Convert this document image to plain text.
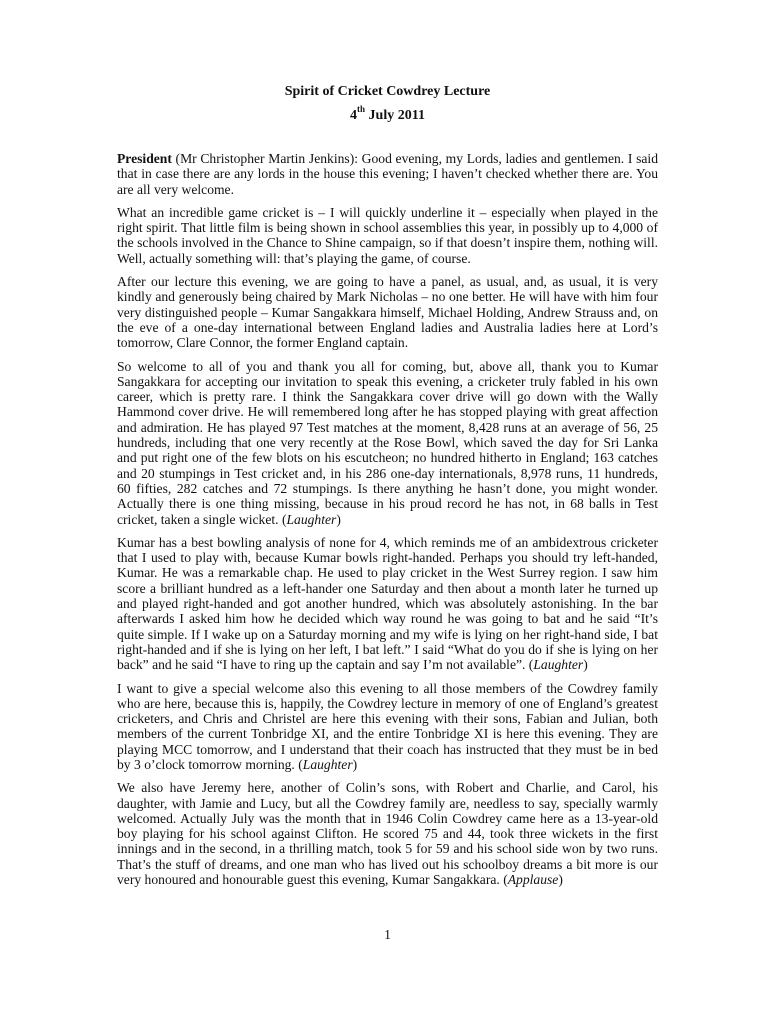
Spirit of Cricket Cowdrey Lecture
4th July 2011

President (Mr Christopher Martin Jenkins): Good evening, my Lords, ladies and gentlemen. I said that in case there are any lords in the house this evening; I haven’t checked whether there are. You are all very welcome.

What an incredible game cricket is – I will quickly underline it – especially when played in the right spirit. That little film is being shown in school assemblies this year, in possibly up to 4,000 of the schools involved in the Chance to Shine campaign, so if that doesn’t inspire them, nothing will. Well, actually something will: that’s playing the game, of course.

After our lecture this evening, we are going to have a panel, as usual, and, as usual, it is very kindly and generously being chaired by Mark Nicholas – no one better. He will have with him four very distinguished people – Kumar Sangakkara himself, Michael Holding, Andrew Strauss and, on the eve of a one-day international between England ladies and Australia ladies here at Lord’s tomorrow, Clare Connor, the former England captain.

So welcome to all of you and thank you all for coming, but, above all, thank you to Kumar Sangakkara for accepting our invitation to speak this evening, a cricketer truly fabled in his own career, which is pretty rare. I think the Sangakkara cover drive will go down with the Wally Hammond cover drive. He will remembered long after he has stopped playing with great affection and admiration. He has played 97 Test matches at the moment, 8,428 runs at an average of 56, 25 hundreds, including that one very recently at the Rose Bowl, which saved the day for Sri Lanka and put right one of the few blots on his escutcheon; no hundred hitherto in England; 163 catches and 20 stumpings in Test cricket and, in his 286 one-day internationals, 8,978 runs, 11 hundreds, 60 fifties, 282 catches and 72 stumpings. Is there anything he hasn’t done, you might wonder. Actually there is one thing missing, because in his proud record he has not, in 68 balls in Test cricket, taken a single wicket. (Laughter)

Kumar has a best bowling analysis of none for 4, which reminds me of an ambidextrous cricketer that I used to play with, because Kumar bowls right-handed. Perhaps you should try left-handed, Kumar. He was a remarkable chap. He used to play cricket in the West Surrey region. I saw him score a brilliant hundred as a left-hander one Saturday and then about a month later he turned up and played right-handed and got another hundred, which was absolutely astonishing. In the bar afterwards I asked him how he decided which way round he was going to bat and he said “It’s quite simple. If I wake up on a Saturday morning and my wife is lying on her right-hand side, I bat right-handed and if she is lying on her left, I bat left.” I said “What do you do if she is lying on her back” and he said “I have to ring up the captain and say I’m not available”. (Laughter)

I want to give a special welcome also this evening to all those members of the Cowdrey family who are here, because this is, happily, the Cowdrey lecture in memory of one of England’s greatest cricketers, and Chris and Christel are here this evening with their sons, Fabian and Julian, both members of the current Tonbridge XI, and the entire Tonbridge XI is here this evening. They are playing MCC tomorrow, and I understand that their coach has instructed that they must be in bed by 3 o’clock tomorrow morning. (Laughter)

We also have Jeremy here, another of Colin’s sons, with Robert and Charlie, and Carol, his daughter, with Jamie and Lucy, but all the Cowdrey family are, needless to say, specially warmly welcomed. Actually July was the month that in 1946 Colin Cowdrey came here as a 13-year-old boy playing for his school against Clifton. He scored 75 and 44, took three wickets in the first innings and in the second, in a thrilling match, took 5 for 59 and his school side won by two runs. That’s the stuff of dreams, and one man who has lived out his schoolboy dreams a bit more is our very honoured and honourable guest this evening, Kumar Sangakkara. (Applause)

1
